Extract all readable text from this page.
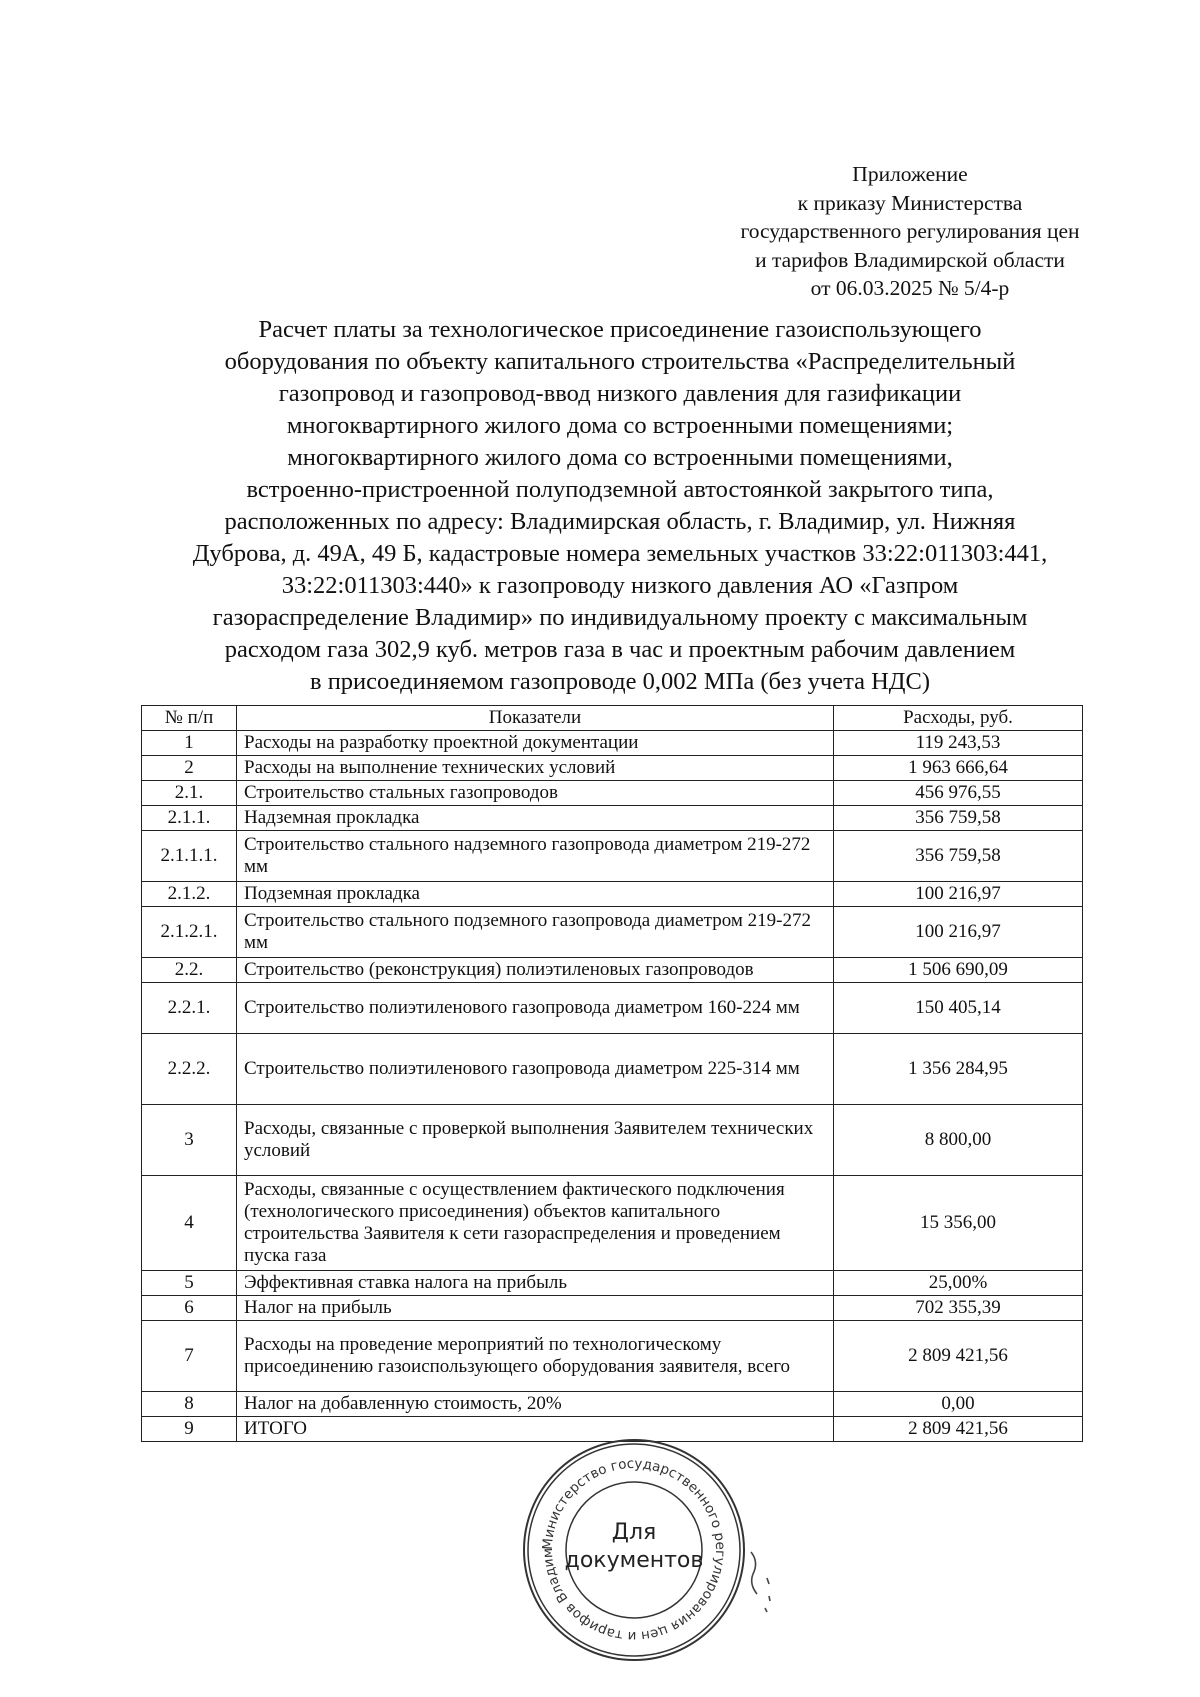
Приложение
к приказу Министерства
государственного регулирования цен
и тарифов Владимирской области
от 06.03.2025 № 5/4-р
Расчет платы за технологическое присоединение газоиспользующего
оборудования по объекту капитального строительства «Распределительный
газопровод и газопровод-ввод низкого давления для газификации
многоквартирного жилого дома со встроенными помещениями;
многоквартирного жилого дома со встроенными помещениями,
встроенно-пристроенной полуподземной автостоянкой закрытого типа,
расположенных по адресу: Владимирская область, г. Владимир, ул. Нижняя
Дуброва, д. 49А, 49 Б, кадастровые номера земельных участков 33:22:011303:441,
33:22:011303:440» к газопроводу низкого давления АО «Газпром
газораспределение Владимир» по индивидуальному проекту с максимальным
расходом газа 302,9 куб. метров газа в час и проектным рабочим давлением
в присоединяемом газопроводе 0,002 МПа (без учета НДС)
№ п/п	Показатели	Расходы, руб.
1	Расходы на разработку проектной документации	119 243,53
2	Расходы на выполнение технических условий	1 963 666,64
2.1.	Строительство стальных газопроводов	456 976,55
2.1.1.	Надземная прокладка	356 759,58
2.1.1.1.	Строительство стального надземного газопровода диаметром 219-272 мм	356 759,58
2.1.2.	Подземная прокладка	100 216,97
2.1.2.1.	Строительство стального подземного газопровода диаметром 219-272 мм	100 216,97
2.2.	Строительство (реконструкция) полиэтиленовых газопроводов	1 506 690,09
2.2.1.	Строительство полиэтиленового газопровода диаметром 160-224 мм	150 405,14
2.2.2.	Строительство полиэтиленового газопровода диаметром 225-314 мм	1 356 284,95
3	Расходы, связанные с проверкой выполнения Заявителем технических условий	8 800,00
4	Расходы, связанные с осуществлением фактического подключения (технологического присоединения) объектов капитального строительства Заявителя к сети газораспределения и проведением пуска газа	15 356,00
5	Эффективная ставка налога на прибыль	25,00%
6	Налог на прибыль	702 355,39
7	Расходы на проведение мероприятий по технологическому присоединению газоиспользующего оборудования заявителя, всего	2 809 421,56
8	Налог на добавленную стоимость, 20%	0,00
9	ИТОГО	2 809 421,56
Министерство государственного регулирования цен и тарифов Владим
Для
документов
